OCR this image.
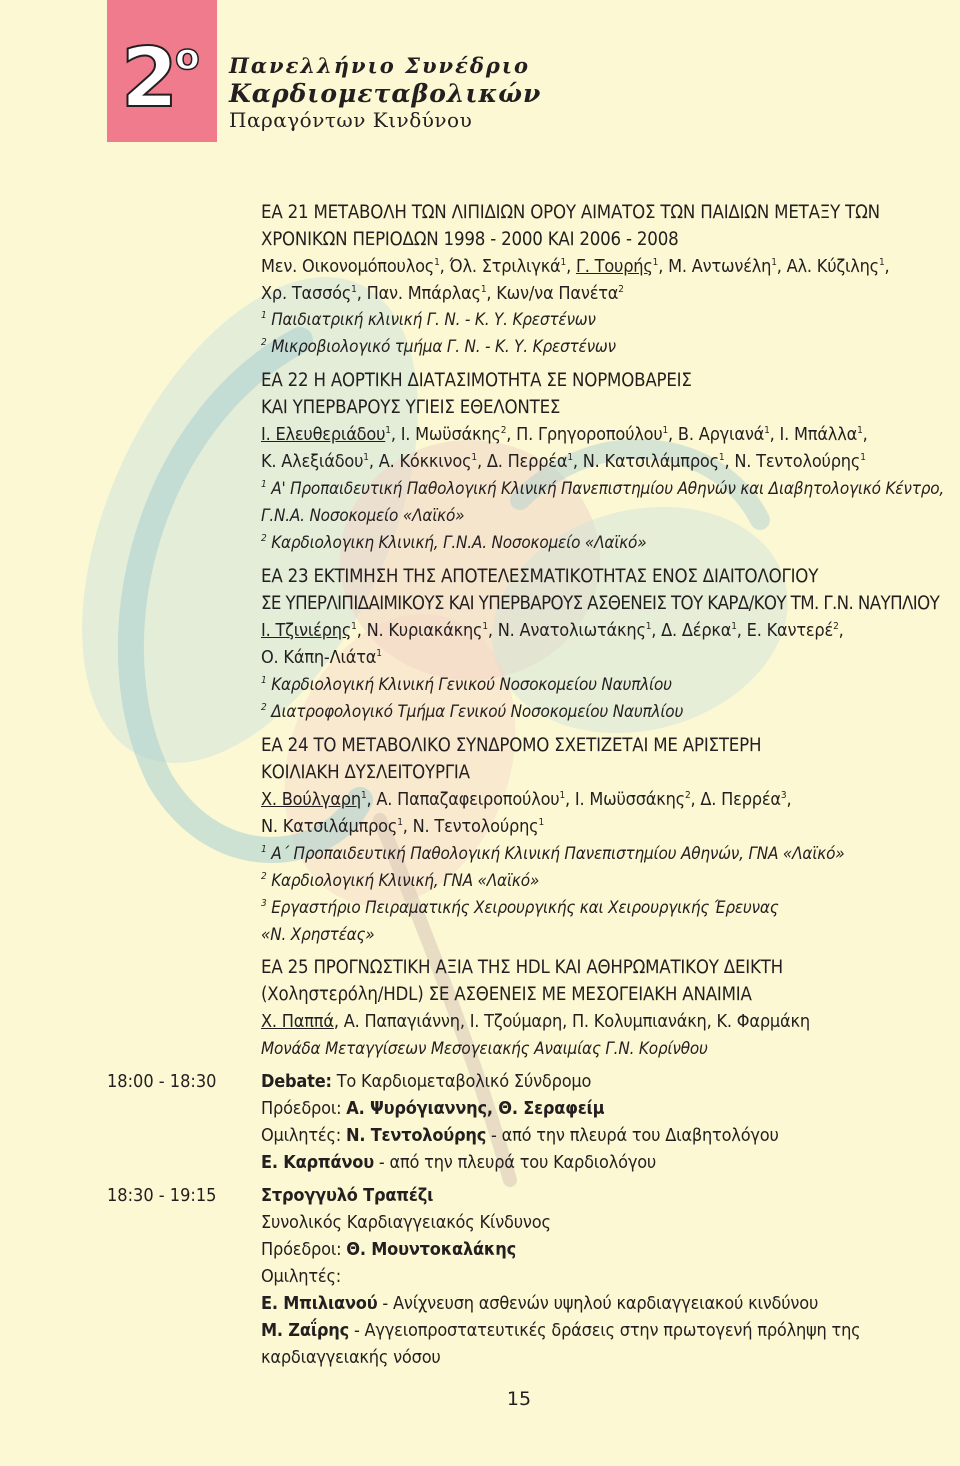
2
ο Πανελλήνιο Συνέδριο
Καρδιομεταβολικών
Παραγόντων Κινδύνου
ΕΑ 21 ΜΕΤΑΒΟΛΗ ΤΩΝ ΛΙΠΙΔΙΩΝ ΟΡΟΥ ΑΙΜΑΤΟΣ ΤΩΝ ΠΑΙΔΙΩΝ ΜΕΤΑΞΥ ΤΩΝ
ΧΡΟΝΙΚΩΝ ΠΕΡΙΟΔΩΝ 1998 - 2000 ΚΑΙ 2006 - 2008
Μεν. Οικονομόπουλος$^1$, Όλ. Στριλιγκά$^1$, Γ. Τουρής$^1$, Μ. Αντωνέλη$^1$, Αλ. Κύζιλης$^1$,
Χρ. Τασσός$^1$, Παν. Μπάρλας$^1$, Κων/να Πανέτα$^2$
$^1$ Παιδιατρική κλινική Γ. Ν. - Κ. Υ. Κρεστένων
$^2$ Μικροβιολογικό τμήμα Γ. Ν. - Κ. Υ. Κρεστένων
ΕΑ 22 Η ΑΟΡΤΙΚΗ ΔΙΑΤΑΣΙΜΟΤΗΤΑ ΣΕ ΝΟΡΜΟΒΑΡΕΙΣ
ΚΑΙ ΥΠΕΡΒΑΡΟΥΣ ΥΓΙΕΙΣ ΕΘΕΛΟΝΤΕΣ
Ι. Ελευθεριάδου$^1$, Ι. Μωϋσάκης$^2$, Π. Γρηγοροπούλου$^1$, Β. Αργιανά$^1$, Ι. Μπάλλα$^1$,
Κ. Αλεξιάδου$^1$, Α. Κόκκινος$^1$, Δ. Περρέα$^1$, Ν. Κατσιλάμπρος$^1$, Ν. Τεντολούρης$^1$
$^1$ Α' Προπαιδευτική Παθολογική Κλινική Πανεπιστημίου Αθηνών και Διαβητολογικό Κέντρο,
Γ.Ν.Α. Νοσοκομείο «Λαϊκό»
$^2$ Καρδιολογικη Κλινική, Γ.Ν.Α. Νοσοκομείο «Λαϊκό»
ΕΑ 23 ΕΚΤΙΜΗΣΗ ΤΗΣ ΑΠΟΤΕΛΕΣΜΑΤΙΚΟΤΗΤΑΣ ΕΝΟΣ ΔΙΑΙΤΟΛΟΓΙΟΥ
ΣΕ ΥΠΕΡΛΙΠΙΔΑΙΜΙΚΟΥΣ ΚΑΙ ΥΠΕΡΒΑΡΟΥΣ ΑΣΘΕΝΕΙΣ ΤΟΥ ΚΑΡΔ/ΚΟΥ ΤΜ. Γ.Ν. ΝΑΥΠΛΙΟΥ
Ι. Τζινιέρης$^1$, Ν. Κυριακάκης$^1$, Ν. Ανατολιωτάκης$^1$, Δ. Δέρκα$^1$, Ε. Καντερέ$^2$,
Ο. Κάπη-Λιάτα$^1$
$^1$ Καρδιολογική Κλινική Γενικού Νοσοκομείου Ναυπλίου
$^2$ Διατροφολογικό Τμήμα Γενικού Νοσοκομείου Ναυπλίου
ΕΑ 24 ΤΟ ΜΕΤΑΒΟΛΙΚΟ ΣΥΝΔΡΟΜΟ ΣΧΕΤΙΖΕΤΑΙ ΜΕ ΑΡΙΣΤΕΡΗ
ΚΟΙΛΙΑΚΗ ΔΥΣΛΕΙΤΟΥΡΓΙΑ
Χ. Βούλγαρη$^1$, Α. Παπαζαφειροπούλου$^1$, Ι. Μωϋσσάκης$^2$, Δ. Περρέα$^3$,
Ν. Κατσιλάμπρος$^1$, Ν. Τεντολούρης$^1$
$^1$ Α΄ Προπαιδευτική Παθολογική Κλινική Πανεπιστημίου Αθηνών, ΓΝΑ «Λαϊκό»
$^2$ Καρδιολογική Κλινική, ΓΝΑ «Λαϊκό»
$^3$ Εργαστήριο Πειραματικής Χειρουργικής και Χειρουργικής Έρευνας
«Ν. Χρηστέας»
ΕΑ 25 ΠΡΟΓΝΩΣΤΙΚΗ ΑΞΙΑ ΤΗΣ HDL ΚΑΙ ΑΘΗΡΩΜΑΤΙΚΟΥ ΔΕΙΚΤΗ
(Χοληστερόλη/HDL) ΣΕ ΑΣΘΕΝΕΙΣ ΜΕ ΜΕΣΟΓΕΙΑΚΗ ΑΝΑΙΜΙΑ
Χ. Παππά, Α. Παπαγιάννη, Ι. Τζούμαρη, Π. Κολυμπιανάκη, Κ. Φαρμάκη
Μονάδα Μεταγγίσεων Μεσογειακής Αναιμίας Γ.Ν. Κορίνθου
18:00 - 18:30 Debate: Το Καρδιομεταβολικό Σύνδρομο
Πρόεδροι: Α. Ψυρόγιαννης, Θ. Σεραφείμ
Ομιλητές: Ν. Τεντολούρης - από την πλευρά του Διαβητολόγου
Ε. Καρπάνου - από την πλευρά του Καρδιολόγου
18:30 - 19:15 Στρογγυλό Τραπέζι
Συνολικός Καρδιαγγειακός Κίνδυνος
Πρόεδροι: Θ. Μουντοκαλάκης
Ομιλητές:
Ε. Μπιλιανού - Ανίχνευση ασθενών υψηλού καρδιαγγειακού κινδύνου
Μ. Ζαΐρης - Αγγειοπροστατευτικές δράσεις στην πρωτογενή πρόληψη της
καρδιαγγειακής νόσου
15
